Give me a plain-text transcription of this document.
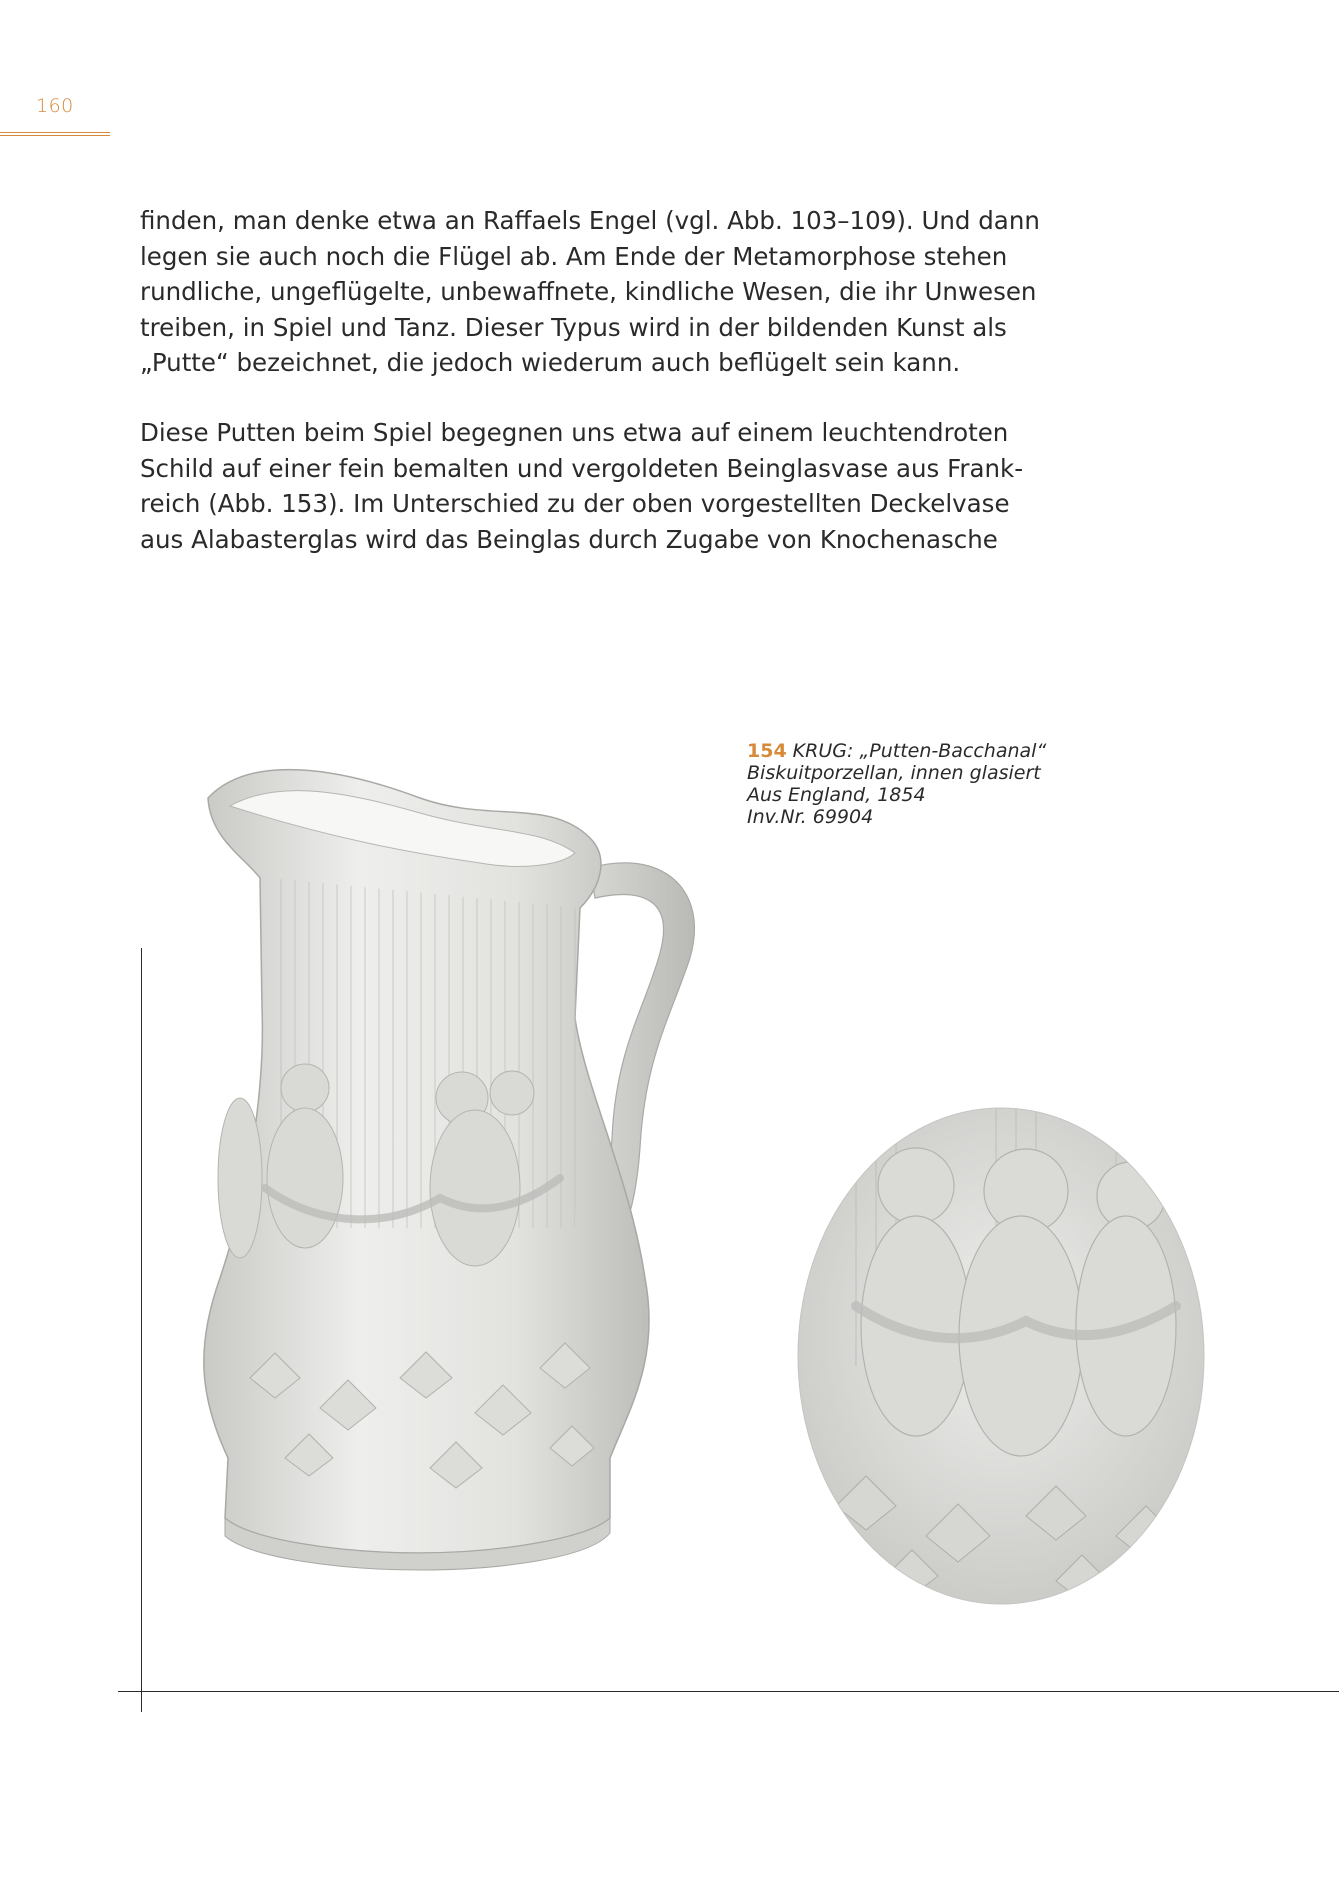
160

finden, man denke etwa an Raffaels Engel (vgl. Abb. 103–109). Und dann
legen sie auch noch die Flügel ab. Am Ende der Metamorphose stehen
rundliche, ungeflügelte, unbewaffnete, kindliche Wesen, die ihr Unwesen
treiben, in Spiel und Tanz. Dieser Typus wird in der bildenden Kunst als
„Putte“ bezeichnet, die jedoch wiederum auch beflügelt sein kann.

Diese Putten beim Spiel begegnen uns etwa auf einem leuchtendroten
Schild auf einer fein bemalten und vergoldeten Beinglasvase aus Frank-
reich (Abb. 153). Im Unterschied zu der oben vorgestellten Deckelvase
aus Alabasterglas wird das Beinglas durch Zugabe von Knochenasche

154 KRUG: „Putten-Bacchanal“
Biskuitporzellan, innen glasiert
Aus England, 1854
Inv.Nr. 69904
